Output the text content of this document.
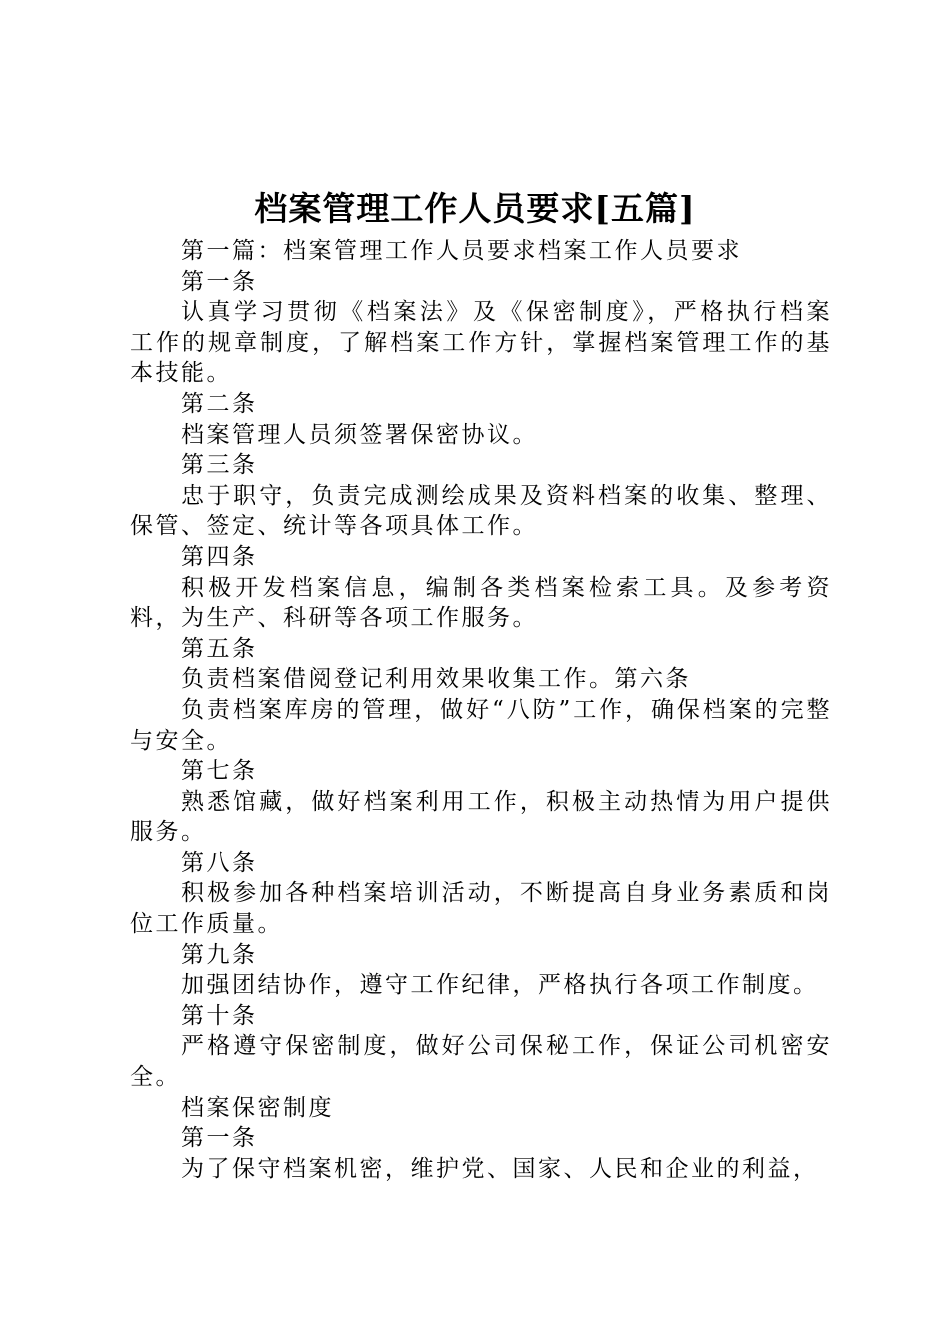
档案管理工作人员要求[五篇]
第一篇：档案管理工作人员要求档案工作人员要求
第一条
认真学习贯彻《档案法》及《保密制度》，严格执行档案工作的规章制度，了解档案工作方针，掌握档案管理工作的基本技能。
第二条
档案管理人员须签署保密协议。
第三条
忠于职守，负责完成测绘成果及资料档案的收集、整理、保管、签定、统计等各项具体工作。
第四条
积极开发档案信息，编制各类档案检索工具。及参考资料，为生产、科研等各项工作服务。
第五条
负责档案借阅登记利用效果收集工作。第六条
负责档案库房的管理，做好“八防”工作，确保档案的完整与安全。
第七条
熟悉馆藏，做好档案利用工作，积极主动热情为用户提供服务。
第八条
积极参加各种档案培训活动，不断提高自身业务素质和岗位工作质量。
第九条
加强团结协作，遵守工作纪律，严格执行各项工作制度。
第十条
严格遵守保密制度，做好公司保秘工作，保证公司机密安全。
档案保密制度
第一条
为了保守档案机密，维护党、国家、人民和企业的利益，
